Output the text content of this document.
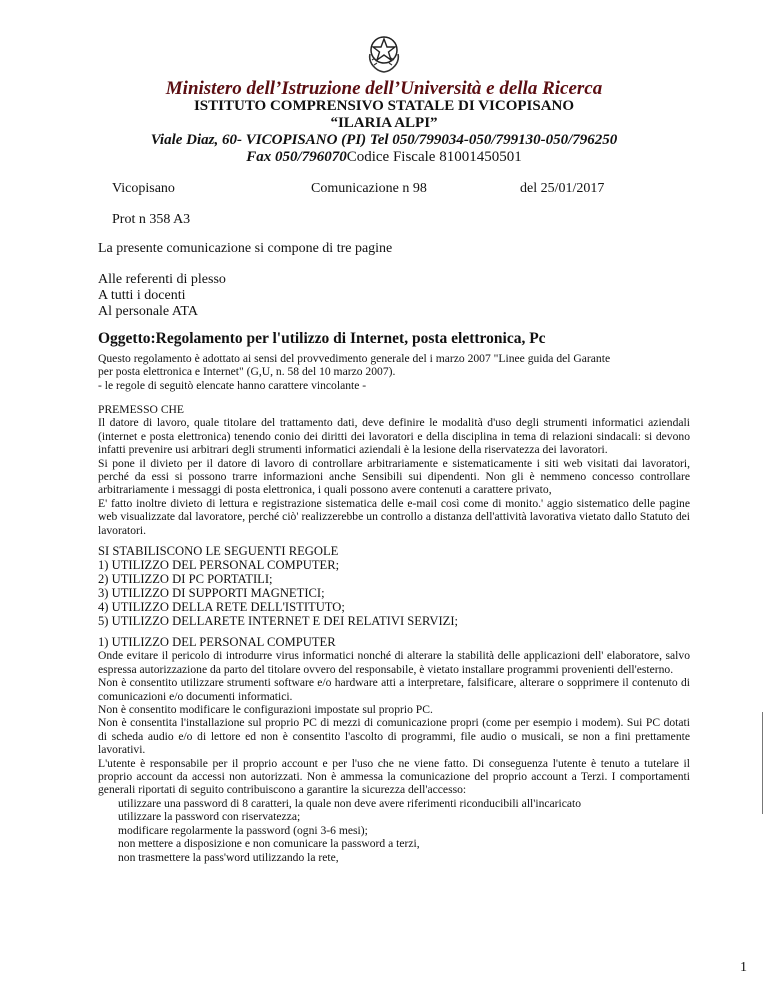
Ministero dell’Istruzione dell’Università e della Ricerca
ISTITUTO COMPRENSIVO STATALE DI VICOPISANO
“ILARIA ALPI”
Viale Diaz, 60- VICOPISANO (PI) Tel 050/799034-050/799130-050/796250
Fax 050/796070Codice Fiscale 81001450501
Vicopisano	Comunicazione n 98	del 25/01/2017
Prot n 358 A3
La presente comunicazione si compone di tre pagine
Alle referenti di plesso
A tutti i docenti
Al personale ATA
Oggetto:Regolamento per l'utilizzo di Internet, posta elettronica, Pc
Questo regolamento è adottato ai sensi del provvedimento generale del i marzo 2007 "Linee guida del Garante
per posta elettronica e Internet" (G,U, n. 58 del 10 marzo 2007).
- le regole di seguitò elencate hanno carattere vincolante -
PREMESSO CHE
Il datore di lavoro, quale titolare del trattamento dati, deve definire le modalità d'uso degli strumenti informatici aziendali (internet e posta elettronica) tenendo conio dei diritti dei lavoratori e della disciplina in tema di relazioni sindacali: si devono infatti prevenire usi arbitrari degli strumenti informatici aziendali è la lesione della riservatezza dei lavoratori.
Si pone il divieto per il datore di lavoro di controllare arbitrariamente e sistematicamente i siti web visitati dai lavoratori, perché da essi si possono trarre informazioni anche Sensibili sui dipendenti. Non gli è nemmeno concesso controllare arbitrariamente i messaggi di posta elettronica, i quali possono avere contenuti a carattere privato,
E' fatto inoltre divieto di lettura e registrazione sistematica delle e-mail così come di monito.' aggio sistematico delle pagine web visualizzate dal lavoratore, perché ciò' realizzerebbe un controllo a distanza dell'attività lavorativa vietato dallo Statuto dei lavoratori.
SI STABILISCONO LE SEGUENTI REGOLE
1) UTILIZZO DEL PERSONAL COMPUTER;
2) UTILIZZO DI PC PORTATILI;
3) UTILIZZO DI SUPPORTI MAGNETICI;
4) UTILIZZO DELLA RETE DELL'ISTITUTO;
5) UTILIZZO DELLARETE INTERNET E DEI RELATIVI SERVIZI;
1) UTILIZZO DEL PERSONAL COMPUTER
Onde evitare il pericolo di introdurre virus informatici nonché di alterare la stabilità delle applicazioni dell' elaboratore, salvo espressa autorizzazione da parto del titolare ovvero del responsabile, è vietato installare programmi provenienti dell'esterno.
Non è consentito utilizzare strumenti software e/o hardware atti a interpretare, falsificare, alterare o sopprimere il contenuto di comunicazioni e/o documenti informatici.
Non è consentito modificare le configurazioni impostate sul proprio PC.
Non è consentita l'installazione sul proprio PC di mezzi di comunicazione propri (come per esempio i modem). Sui PC dotati di scheda audio e/o di lettore ed non è consentito l'ascolto di programmi, file audio o musicali, se non a fini prettamente lavorativi.
L'utente è responsabile per il proprio account e per l'uso che ne viene fatto. Di conseguenza l'utente è tenuto a tutelare il proprio account da accessi non autorizzati. Non è ammessa la comunicazione del proprio account a Terzi. I comportamenti generali riportati di seguito contribuiscono a garantire la sicurezza dell'accesso:
utilizzare una password di 8 caratteri, la quale non deve avere riferimenti riconducibili all'incaricato
utilizzare la password con riservatezza;
modificare regolarmente la password (ogni 3-6 mesi);
non mettere a disposizione e non comunicare la password a terzi,
non trasmettere la pass'word utilizzando la rete,
1
